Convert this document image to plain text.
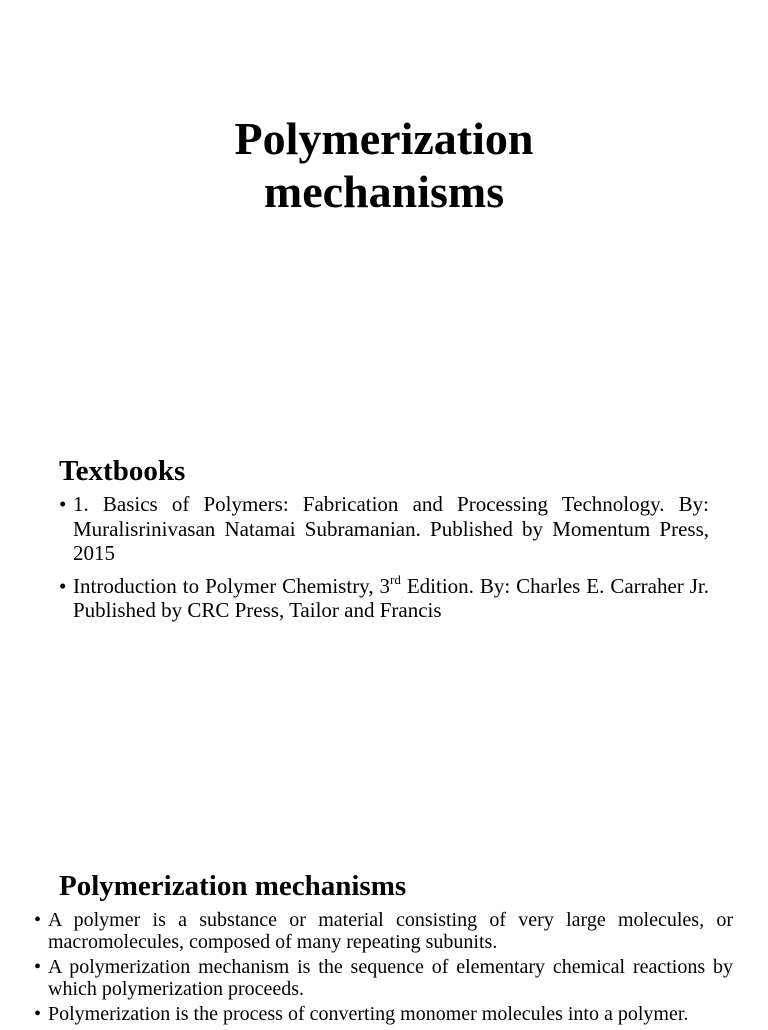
Polymerization
mechanisms
Textbooks
• 1. Basics of Polymers: Fabrication and Processing Technology. By: Muralisrinivasan Natamai Subramanian. Published by Momentum Press, 2015
• Introduction to Polymer Chemistry, 3rd Edition. By: Charles E. Carraher Jr. Published by CRC Press, Tailor and Francis
Polymerization mechanisms
• A polymer is a substance or material consisting of very large molecules, or macromolecules, composed of many repeating subunits.
• A polymerization mechanism is the sequence of elementary chemical reactions by which polymerization proceeds.
• Polymerization is the process of converting monomer molecules into a polymer.
